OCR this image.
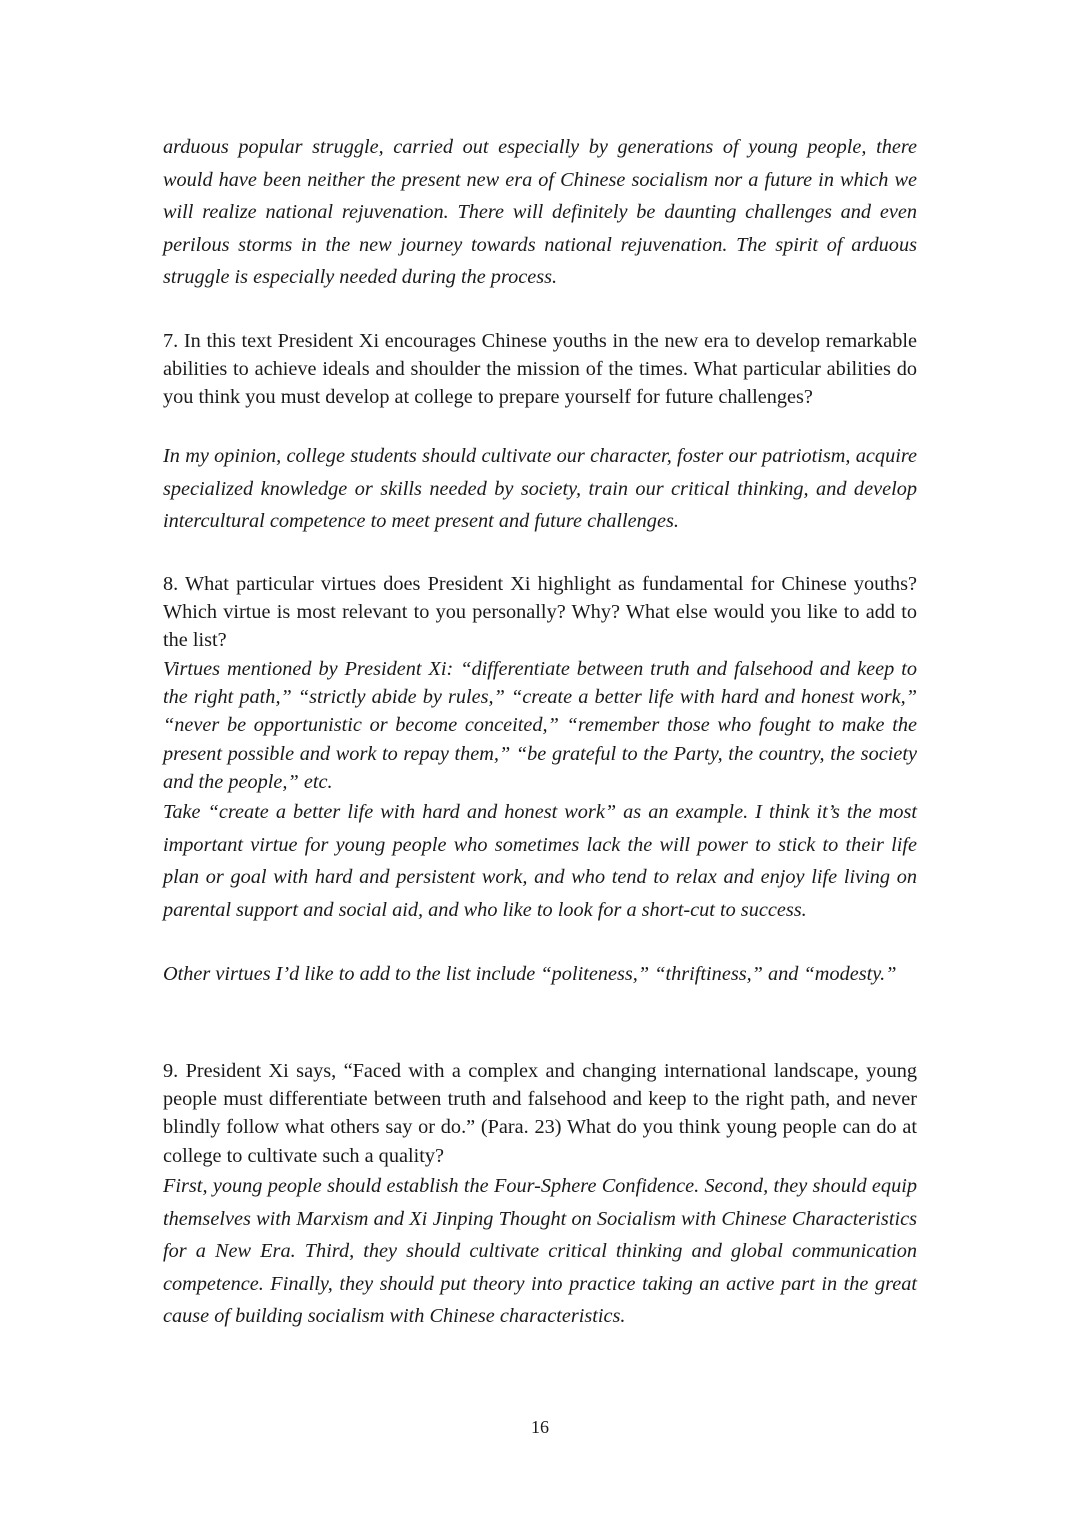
arduous popular struggle, carried out especially by generations of young people, there would have been neither the present new era of Chinese socialism nor a future in which we will realize national rejuvenation. There will definitely be daunting challenges and even perilous storms in the new journey towards national rejuvenation. The spirit of arduous struggle is especially needed during the process.

7. In this text President Xi encourages Chinese youths in the new era to develop remarkable abilities to achieve ideals and shoulder the mission of the times. What particular abilities do you think you must develop at college to prepare yourself for future challenges?

In my opinion, college students should cultivate our character, foster our patriotism, acquire specialized knowledge or skills needed by society, train our critical thinking, and develop intercultural competence to meet present and future challenges.

8. What particular virtues does President Xi highlight as fundamental for Chinese youths? Which virtue is most relevant to you personally? Why? What else would you like to add to the list?

Virtues mentioned by President Xi: “differentiate between truth and falsehood and keep to the right path,” “strictly abide by rules,” “create a better life with hard and honest work,” “never be opportunistic or become conceited,” “remember those who fought to make the present possible and work to repay them,” “be grateful to the Party, the country, the society and the people,” etc.

Take “create a better life with hard and honest work” as an example. I think it’s the most important virtue for young people who sometimes lack the will power to stick to their life plan or goal with hard and persistent work, and who tend to relax and enjoy life living on parental support and social aid, and who like to look for a short-cut to success.

Other virtues I’d like to add to the list include “politeness,” “thriftiness,” and “modesty.”

9. President Xi says, “Faced with a complex and changing international landscape, young people must differentiate between truth and falsehood and keep to the right path, and never blindly follow what others say or do.” (Para. 23) What do you think young people can do at college to cultivate such a quality?

First, young people should establish the Four-Sphere Confidence. Second, they should equip themselves with Marxism and Xi Jinping Thought on Socialism with Chinese Characteristics for a New Era. Third, they should cultivate critical thinking and global communication competence. Finally, they should put theory into practice taking an active part in the great cause of building socialism with Chinese characteristics.

16
